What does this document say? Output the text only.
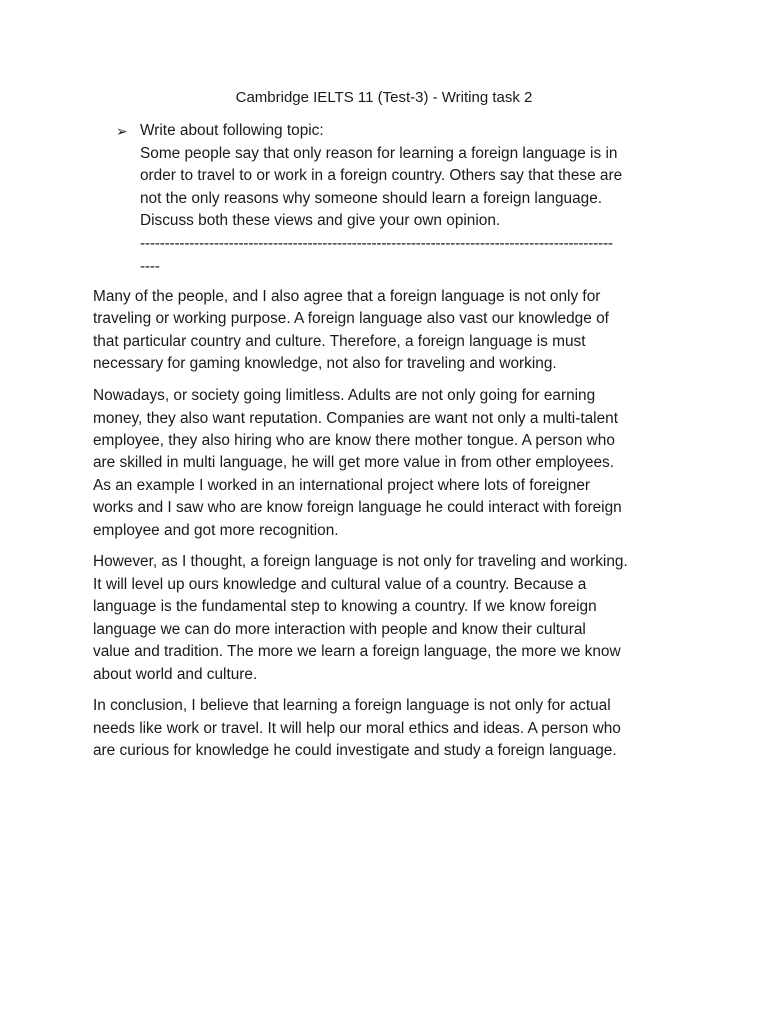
Cambridge IELTS 11 (Test-3) - Writing task 2
➢ Write about following topic:
Some people say that only reason for learning a foreign language is in
order to travel to or work in a foreign country. Others say that these are
not the only reasons why someone should learn a foreign language.
Discuss both these views and give your own opinion.
------------------------------------------------------------------------------------------------
----

Many of the people, and I also agree that a foreign language is not only for
traveling or working purpose. A foreign language also vast our knowledge of
that particular country and culture. Therefore, a foreign language is must
necessary for gaming knowledge, not also for traveling and working.

Nowadays, or society going limitless. Adults are not only going for earning
money, they also want reputation. Companies are want not only a multi-talent
employee, they also hiring who are know there mother tongue. A person who
are skilled in multi language, he will get more value in from other employees.
As an example I worked in an international project where lots of foreigner
works and I saw who are know foreign language he could interact with foreign
employee and got more recognition.

However, as I thought, a foreign language is not only for traveling and working.
It will level up ours knowledge and cultural value of a country. Because a
language is the fundamental step to knowing a country. If we know foreign
language we can do more interaction with people and know their cultural
value and tradition. The more we learn a foreign language, the more we know
about world and culture.

In conclusion, I believe that learning a foreign language is not only for actual
needs like work or travel. It will help our moral ethics and ideas. A person who
are curious for knowledge he could investigate and study a foreign language.
